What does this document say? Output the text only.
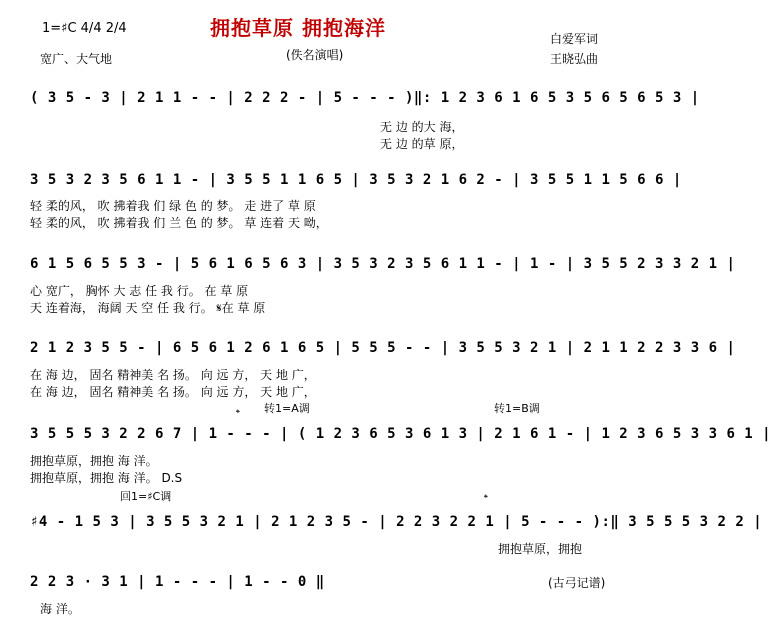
拥抱草原 拥抱海洋
1=♯C 4/4 2/4
宽广、大气地	(佚名演唱)
白爱军词
王晓弘曲
( 3 5 - 3 | 2 1 1 - - | 2 2 2 - | 5 - - - )‖: 1 2 3 6 1 6 5 3 5 6 5 6 5 3 |
无 边 的大 海，
无 边 的草 原，
3 5 3 2 3 5 6 1 1 - | 3 5 5 1 1 6 5 | 3 5 3 2 1 6 2 - | 3 5 5 1 1 5 6 6 |
轻 柔的风， 吹 拂着我 们 绿 色 的 梦。 走 进了 草 原
轻 柔的风， 吹 拂着我 们 兰 色 的 梦。 草 连着 天 呦，
6 1 5 6 5 5 3 - | 5 6 1 6 5 6 3 | 3 5 3 2 3 5 6 1 1 - | 1 - | 3 5 5 2 3 3 2 1 |
心 宽广， 胸怀 大 志 任 我 行。 在 草 原
天 连着海， 海阔 天 空 任 我 行。 𝄋在 草 原
2 1 2 3 5 5 - | 6 5 6 1 2 6 1 6 5 | 5 5 5 - - | 3 5 5 3 2 1 | 2 1 1 2 2 3 3 6 |
在 海 边， 固名 精神美 名 扬。 向 远 方， 天 地 广，
在 海 边， 固名 精神美 名 扬。 向 远 方， 天 地 广，
𝄌 转1=A调	转1=B调
3 5 5 5 3 2 2 6 7 | 1 - - - | ( 1 2 3 6 5 3 6 1 3 | 2 1 6 1 - | 1 2 3 6 5 3 3 6 1 |
拥抱草原，拥抱 海 洋。
拥抱草原，拥抱 海 洋。 D.S
回1=♯C调	𝄌
♯4 - 1 5 3 | 3 5 5 3 2 1 | 2 1 2 3 5 - | 2 2 3 2 2 1 | 5 - - - ):‖ 3 5 5 5 3 2 2 |
拥抱草原，拥抱
2 2 3 · 3 1 | 1 - - - | 1 - - 0 ‖
海 洋。
(古弓记谱)
